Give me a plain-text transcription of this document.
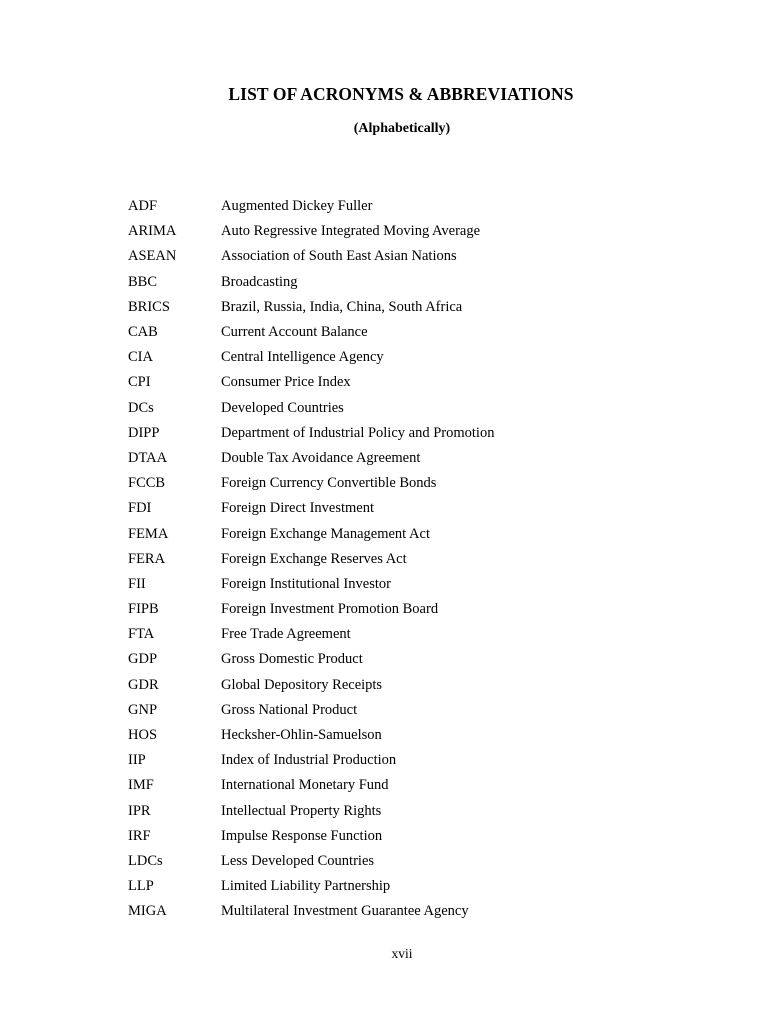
LIST OF ACRONYMS & ABBREVIATIONS
(Alphabetically)
ADF	Augmented Dickey Fuller
ARIMA	Auto Regressive Integrated Moving Average
ASEAN	Association of South East Asian Nations
BBC	Broadcasting
BRICS	Brazil, Russia, India, China, South Africa
CAB	Current Account Balance
CIA	Central Intelligence Agency
CPI	Consumer Price Index
DCs	Developed Countries
DIPP	Department of Industrial Policy and Promotion
DTAA	Double Tax Avoidance Agreement
FCCB	Foreign Currency Convertible Bonds
FDI	Foreign Direct Investment
FEMA	Foreign Exchange Management Act
FERA	Foreign Exchange Reserves Act
FII	Foreign Institutional Investor
FIPB	Foreign Investment Promotion Board
FTA	Free Trade Agreement
GDP	Gross Domestic Product
GDR	Global Depository Receipts
GNP	Gross National Product
HOS	Hecksher-Ohlin-Samuelson
IIP	Index of Industrial Production
IMF	International Monetary Fund
IPR	Intellectual Property Rights
IRF	Impulse Response Function
LDCs	Less Developed Countries
LLP	Limited Liability Partnership
MIGA	Multilateral Investment Guarantee Agency
xvii
